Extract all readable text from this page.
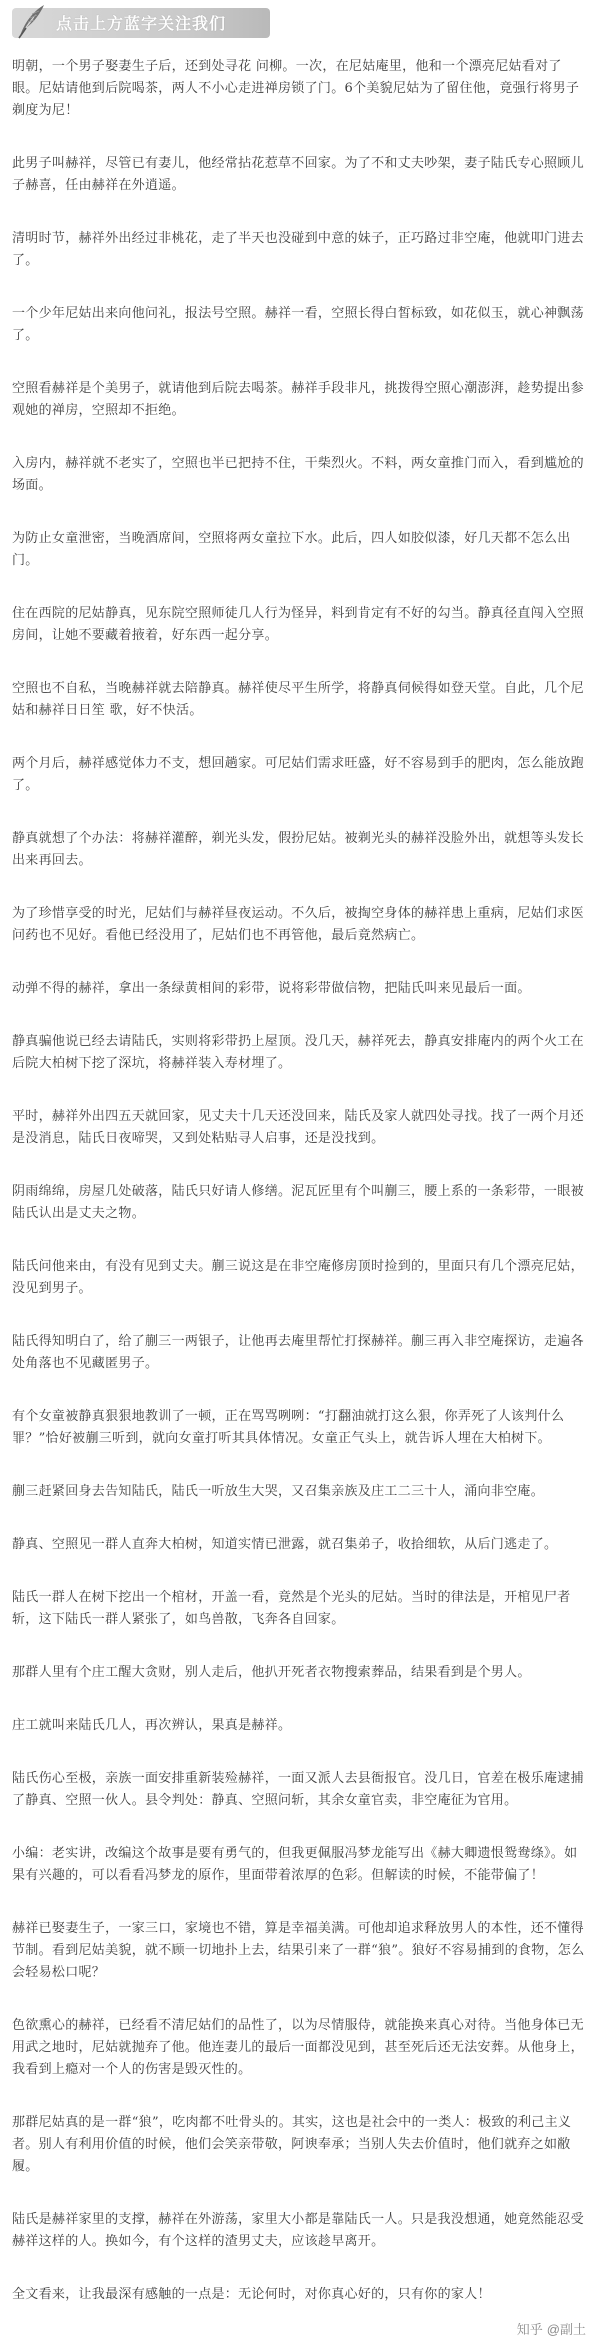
点击上方蓝字关注我们

明朝，一个男子娶妻生子后，还到处寻花 问柳。一次，在尼姑庵里，他和一个漂亮尼姑看对了眼。尼姑请他到后院喝茶，两人不小心走进禅房锁了门。6个美貌尼姑为了留住他，竟强行将男子剃度为尼！

此男子叫赫祥，尽管已有妻儿，他经常拈花惹草不回家。为了不和丈夫吵架，妻子陆氏专心照顾儿子赫喜，任由赫祥在外逍遥。

清明时节，赫祥外出经过非桃花，走了半天也没碰到中意的妹子，正巧路过非空庵，他就叩门进去了。

一个少年尼姑出来向他问礼，报法号空照。赫祥一看，空照长得白皙标致，如花似玉，就心神飘荡了。

空照看赫祥是个美男子，就请他到后院去喝茶。赫祥手段非凡，挑拨得空照心潮澎湃，趁势提出参观她的禅房，空照却不拒绝。

入房内，赫祥就不老实了，空照也半已把持不住，干柴烈火。不料，两女童推门而入，看到尴尬的场面。

为防止女童泄密，当晚酒席间，空照将两女童拉下水。此后，四人如胶似漆，好几天都不怎么出门。

住在西院的尼姑静真，见东院空照师徒几人行为怪异，料到肯定有不好的勾当。静真径直闯入空照房间，让她不要藏着掖着，好东西一起分享。

空照也不自私，当晚赫祥就去陪静真。赫祥使尽平生所学，将静真伺候得如登天堂。自此，几个尼姑和赫祥日日笙 歌，好不快活。

两个月后，赫祥感觉体力不支，想回趟家。可尼姑们需求旺盛，好不容易到手的肥肉，怎么能放跑了。

静真就想了个办法：将赫祥灌醉，剃光头发，假扮尼姑。被剃光头的赫祥没脸外出，就想等头发长出来再回去。

为了珍惜享受的时光，尼姑们与赫祥昼夜运动。不久后，被掏空身体的赫祥患上重病，尼姑们求医问药也不见好。看他已经没用了，尼姑们也不再管他，最后竟然病亡。

动弹不得的赫祥，拿出一条绿黄相间的彩带，说将彩带做信物，把陆氏叫来见最后一面。

静真骗他说已经去请陆氏，实则将彩带扔上屋顶。没几天，赫祥死去，静真安排庵内的两个火工在后院大柏树下挖了深坑，将赫祥装入寿材埋了。

平时，赫祥外出四五天就回家，见丈夫十几天还没回来，陆氏及家人就四处寻找。找了一两个月还是没消息，陆氏日夜啼哭，又到处粘贴寻人启事，还是没找到。

阴雨绵绵，房屋几处破落，陆氏只好请人修缮。泥瓦匠里有个叫蒯三，腰上系的一条彩带，一眼被陆氏认出是丈夫之物。

陆氏问他来由，有没有见到丈夫。蒯三说这是在非空庵修房顶时捡到的，里面只有几个漂亮尼姑，没见到男子。

陆氏得知明白了，给了蒯三一两银子，让他再去庵里帮忙打探赫祥。蒯三再入非空庵探访，走遍各处角落也不见藏匿男子。

有个女童被静真狠狠地教训了一顿，正在骂骂咧咧：“打翻油就打这么狠，你弄死了人该判什么罪？”恰好被蒯三听到，就向女童打听其具体情况。女童正气头上，就告诉人埋在大柏树下。

蒯三赶紧回身去告知陆氏，陆氏一听放生大哭，又召集亲族及庄工二三十人，涌向非空庵。

静真、空照见一群人直奔大柏树，知道实情已泄露，就召集弟子，收拾细软，从后门逃走了。

陆氏一群人在树下挖出一个棺材，开盖一看，竟然是个光头的尼姑。当时的律法是，开棺见尸者斩，这下陆氏一群人紧张了，如鸟兽散，飞奔各自回家。

那群人里有个庄工醒大贪财，别人走后，他扒开死者衣物搜索葬品，结果看到是个男人。

庄工就叫来陆氏几人，再次辨认，果真是赫祥。

陆氏伤心至极，亲族一面安排重新装殓赫祥，一面又派人去县衙报官。没几日，官差在极乐庵逮捕了静真、空照一伙人。县令判处：静真、空照问斩，其余女童官卖，非空庵征为官用。

小编：老实讲，改编这个故事是要有勇气的，但我更佩服冯梦龙能写出《赫大卿遗恨鸳鸯绦》。如果有兴趣的，可以看看冯梦龙的原作，里面带着浓厚的色彩。但解读的时候，不能带偏了！

赫祥已娶妻生子，一家三口，家境也不错，算是幸福美满。可他却追求释放男人的本性，还不懂得节制。看到尼姑美貌，就不顾一切地扑上去，结果引来了一群“狼”。狼好不容易捕到的食物，怎么会轻易松口呢？

色欲熏心的赫祥，已经看不清尼姑们的品性了，以为尽情服侍，就能换来真心对待。当他身体已无用武之地时，尼姑就抛弃了他。他连妻儿的最后一面都没见到，甚至死后还无法安葬。从他身上，我看到上瘾对一个人的伤害是毁灭性的。

那群尼姑真的是一群“狼”，吃肉都不吐骨头的。其实，这也是社会中的一类人：极致的利己主义者。别人有利用价值的时候，他们会笑亲带敬，阿谀奉承；当别人失去价值时，他们就弃之如敝履。

陆氏是赫祥家里的支撑，赫祥在外游荡，家里大小都是靠陆氏一人。只是我没想通，她竟然能忍受赫祥这样的人。换如今，有个这样的渣男丈夫，应该趁早离开。

全文看来，让我最深有感触的一点是：无论何时，对你真心好的，只有你的家人！

知乎 @副土
